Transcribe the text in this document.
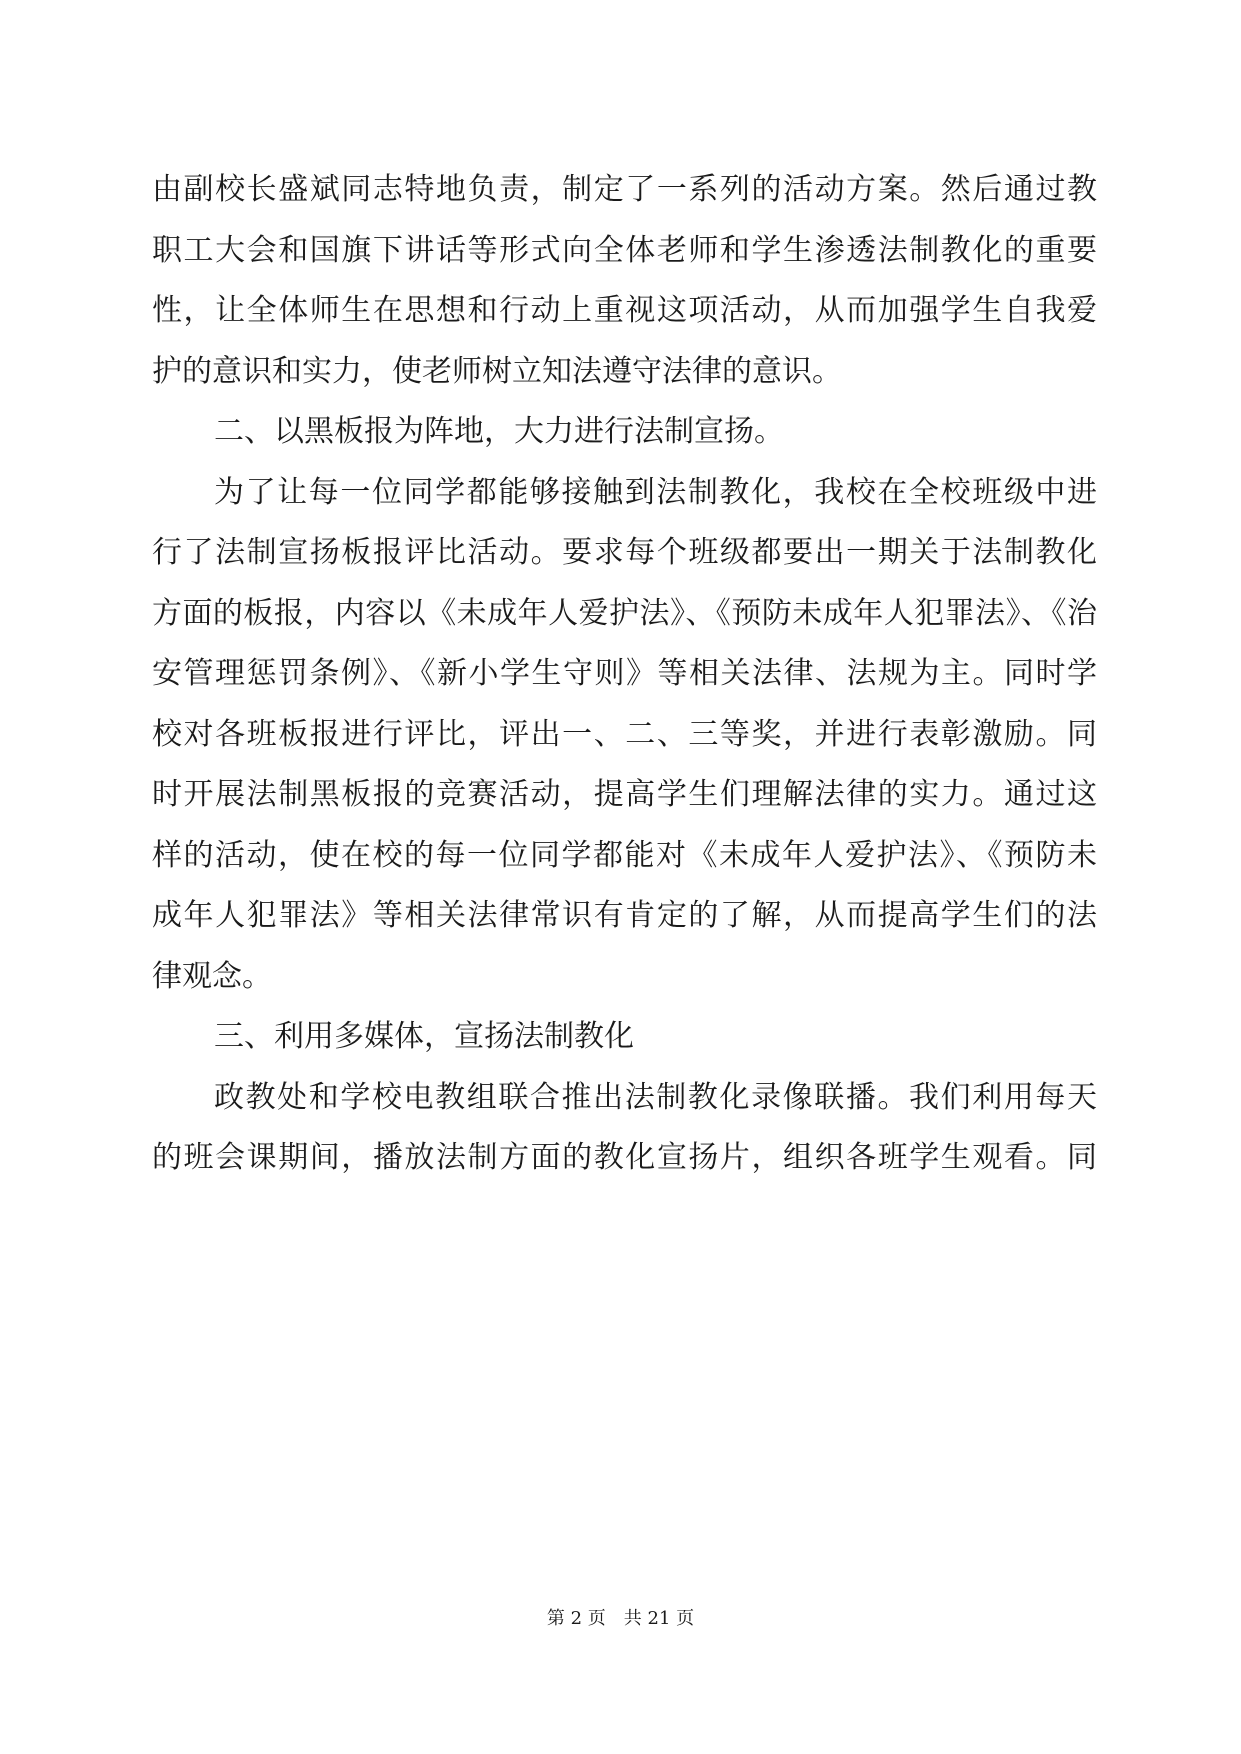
由副校长盛斌同志特地负责，制定了一系列的活动方案。然后通过教
职工大会和国旗下讲话等形式向全体老师和学生渗透法制教化的重要
性，让全体师生在思想和行动上重视这项活动，从而加强学生自我爱
护的意识和实力，使老师树立知法遵守法律的意识。
二、以黑板报为阵地，大力进行法制宣扬。
为了让每一位同学都能够接触到法制教化，我校在全校班级中进
行了法制宣扬板报评比活动。要求每个班级都要出一期关于法制教化
方面的板报，内容以《未成年人爱护法》、《预防未成年人犯罪法》、《治
安管理惩罚条例》、《新小学生守则》等相关法律、法规为主。同时学
校对各班板报进行评比，评出一、二、三等奖，并进行表彰激励。同
时开展法制黑板报的竞赛活动，提高学生们理解法律的实力。通过这
样的活动，使在校的每一位同学都能对《未成年人爱护法》、《预防未
成年人犯罪法》等相关法律常识有肯定的了解，从而提高学生们的法
律观念。
三、利用多媒体，宣扬法制教化
政教处和学校电教组联合推出法制教化录像联播。我们利用每天
的班会课期间，播放法制方面的教化宣扬片，组织各班学生观看。同
第 2 页 共 21 页
